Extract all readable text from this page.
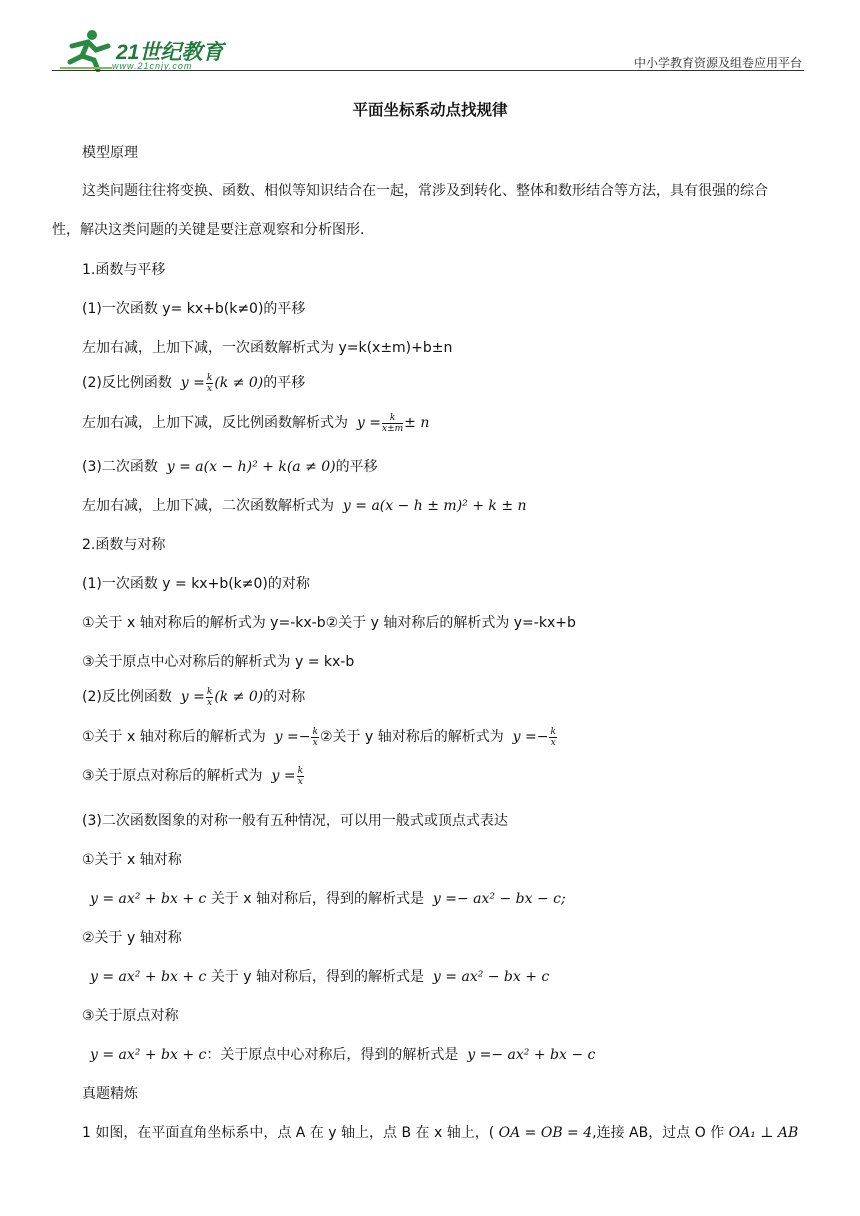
21世纪教育
www.21cnjy.com	中小学教育资源及组卷应用平台
平面坐标系动点找规律
模型原理
这类问题往往将变换、函数、相似等知识结合在一起，常涉及到转化、整体和数形结合等方法，具有很强的综合性，解决这类问题的关键是要注意观察和分析图形.
1.函数与平移
(1)一次函数 y= kx+b(k≠0)的平移
左加右减，上加下减，一次函数解析式为 y=k(x±m)+b±n
(2)反比例函数 $y = \frac{k}{x} (k \ne 0)$的平移
左加右减，上加下减，反比例函数解析式为 $y = \frac{k}{x\pm m} \pm n$
(3)二次函数 y = a(x − h)² + k(a ≠ 0)的平移
左加右减，上加下减，二次函数解析式为 y = a(x − h ± m)² + k ± n
2.函数与对称
(1)一次函数 y = kx+b(k≠0)的对称
①关于 x 轴对称后的解析式为 y=-kx-b②关于 y 轴对称后的解析式为 y=-kx+b
③关于原点中心对称后的解析式为 y = kx-b
(2)反比例函数 $y = \frac{k}{x} (k \ne 0)$的对称
①关于 x 轴对称后的解析式为 $y =- \frac{k}{x}$ ②关于 y 轴对称后的解析式为 $y =- \frac{k}{x}$
③关于原点对称后的解析式为 $y = \frac{k}{x}$
(3)二次函数图象的对称一般有五种情况，可以用一般式或顶点式表达
①关于 x 轴对称
y = ax² + bx + c 关于 x 轴对称后，得到的解析式是 y =− ax² − bx − c;
②关于 y 轴对称
y = ax² + bx + c 关于 y 轴对称后，得到的解析式是 y = ax² − bx + c
③关于原点对称
y = ax² + bx + c：关于原点中心对称后，得到的解析式是 y =− ax² + bx − c
真题精炼
1 如图，在平面直角坐标系中，点 A 在 y 轴上，点 B 在 x 轴上，( OA = OB = 4,连接 AB，过点 O 作 OA₁ ⊥ AB
